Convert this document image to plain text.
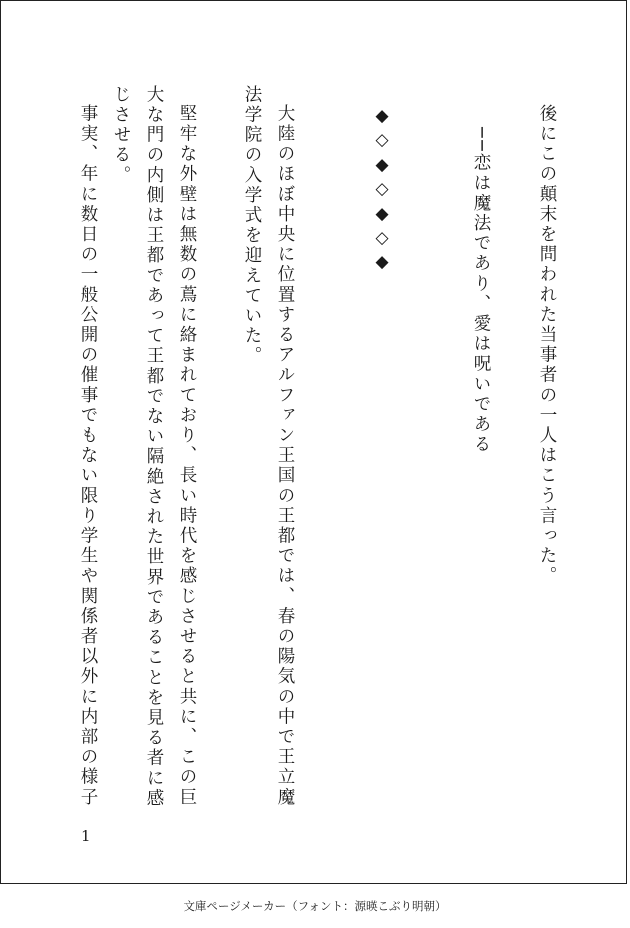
後にこの顛末を問われた当事者の一人はこう言った。

──恋は魔法であり、愛は呪いである

◆
◇
◆
◇
◆
◇
◆

大陸のほぼ中央に位置するアルファン王国の王都では、春の陽気の中で王立魔

法学院の入学式を迎えていた。

堅牢な外壁は無数の蔦に絡まれており、長い時代を感じさせると共に、この巨

大な門の内側は王都であって王都でない隔絶された世界であることを見る者に感

じさせる。

事実、年に数日の一般公開の催事でもない限り学生や関係者以外に内部の様子

1
文庫ページメーカー（フォント：源暎こぶり明朝）
